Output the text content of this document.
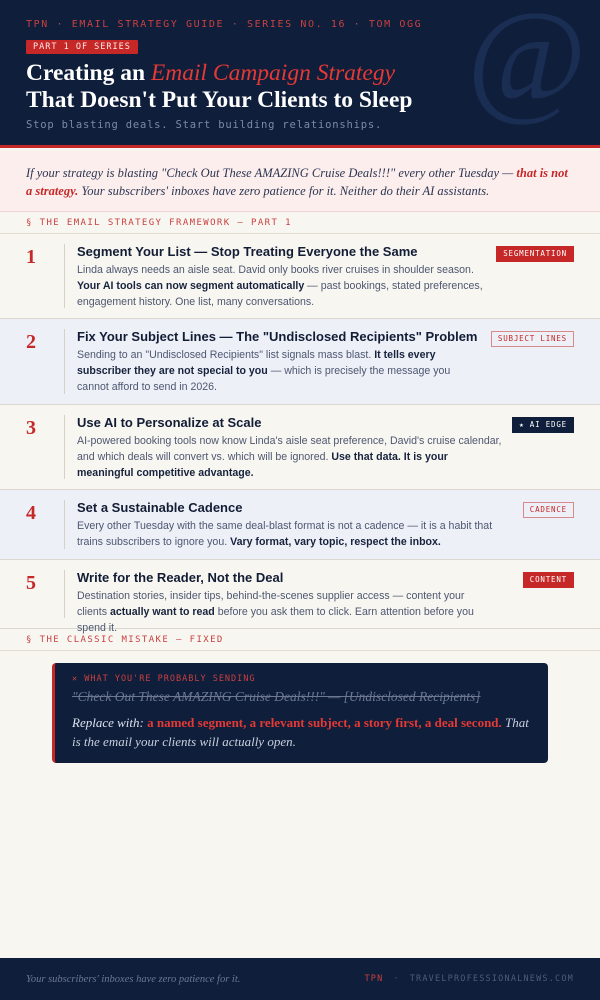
@
TPN · EMAIL STRATEGY GUIDE · SERIES NO. 16 · TOM OGG
PART 1 OF SERIES
Creating an Email Campaign Strategy
That Doesn't Put Your Clients to Sleep
Stop blasting deals. Start building relationships.
If your strategy is blasting "Check Out These AMAZING Cruise Deals!!!" every other Tuesday — that is not a strategy. Your subscribers' inboxes have zero patience for it. Neither do their AI assistants.
§ THE EMAIL STRATEGY FRAMEWORK — PART 1
1	Segment Your List — Stop Treating Everyone the Same
Linda always needs an aisle seat. David only books river cruises in shoulder season. Your AI tools can now segment automatically — past bookings, stated preferences, engagement history. One list, many conversations.
SEGMENTATION
2	Fix Your Subject Lines — The "Undisclosed Recipients" Problem
Sending to an "Undisclosed Recipients" list signals mass blast. It tells every subscriber they are not special to you — which is precisely the message you cannot afford to send in 2026.
SUBJECT LINES
3	Use AI to Personalize at Scale
AI-powered booking tools now know Linda's aisle seat preference, David's cruise calendar, and which deals will convert vs. which will be ignored. Use that data. It is your meaningful competitive advantage.
★ AI EDGE
4	Set a Sustainable Cadence
Every other Tuesday with the same deal-blast format is not a cadence — it is a habit that trains subscribers to ignore you. Vary format, vary topic, respect the inbox.
CADENCE
5	Write for the Reader, Not the Deal
Destination stories, insider tips, behind-the-scenes supplier access — content your clients actually want to read before you ask them to click. Earn attention before you spend it.
CONTENT
§ THE CLASSIC MISTAKE — FIXED
✕ WHAT YOU'RE PROBABLY SENDING
"Check Out These AMAZING Cruise Deals!!!" — [Undisclosed Recipients]
Replace with: a named segment, a relevant subject, a story first, a deal second. That is the email your clients will actually open.
Your subscribers' inboxes have zero patience for it.	TPN · TRAVELPROFESSIONALNEWS.COM
